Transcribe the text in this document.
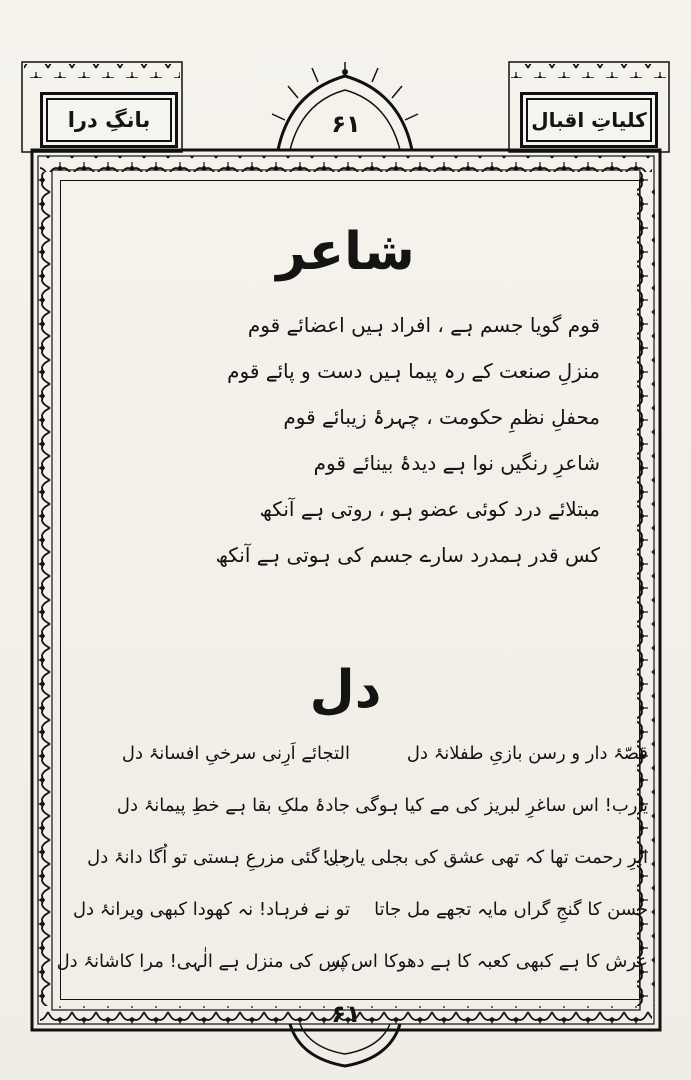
بانگِ درا	کلیاتِ اقبال
۶۱
شاعر
قوم گویا جسم ہے ، افراد ہیں اعضائے قوم
منزلِ صنعت کے رہ پیما ہیں دست و پائے قوم
محفلِ نظمِ حکومت ، چہرۂ زیبائے قوم
شاعرِ رنگیں نوا ہے دیدۂ بینائے قوم
مبتلائے درد کوئی عضو ہو ، روتی ہے آنکھ
کس قدر ہمدرد سارے جسم کی ہوتی ہے آنکھ
دل
قصّۂ دار و رسن بازیِ طفلانۂ دل
یارب! اس ساغرِ لبریز کی مے کیا ہوگی
ابرِ رحمت تھا کہ تھی عشق کی بجلی یارب!
حسن کا گنجِ گراں مایہ تجھے مل جاتا
عرش کا ہے کبھی کعبہ کا ہے دھوکا اس پر
التجائے اَرِنی سرخیِ افسانۂ دل
جادۂ ملکِ بقا ہے خطِ پیمانۂ دل
جل گئی مزرعِ ہستی تو اُگا دانۂ دل
تو نے فرہاد! نہ کھودا کبھی ویرانۂ دل
کس کی منزل ہے الٰہی! مرا کاشانۂ دل
۶۱
